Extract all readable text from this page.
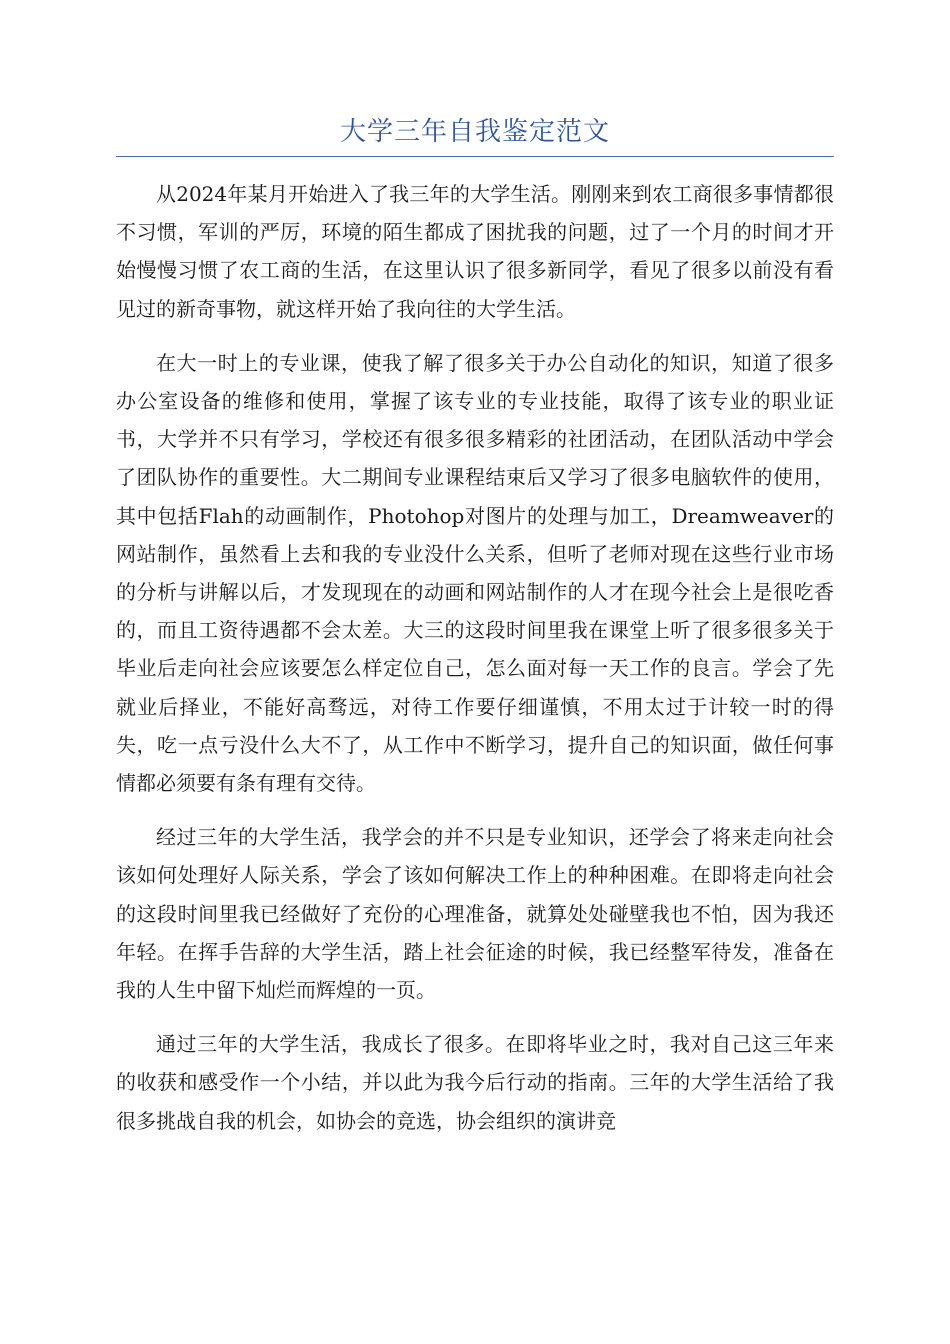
大学三年自我鉴定范文

从2024年某月开始进入了我三年的大学生活。刚刚来到农工商很多事情都很不习惯，军训的严厉，环境的陌生都成了困扰我的问题，过了一个月的时间才开始慢慢习惯了农工商的生活，在这里认识了很多新同学，看见了很多以前没有看见过的新奇事物，就这样开始了我向往的大学生活。

在大一时上的专业课，使我了解了很多关于办公自动化的知识，知道了很多办公室设备的维修和使用，掌握了该专业的专业技能，取得了该专业的职业证书，大学并不只有学习，学校还有很多很多精彩的社团活动，在团队活动中学会了团队协作的重要性。大二期间专业课程结束后又学习了很多电脑软件的使用，其中包括Flah的动画制作，Photohop对图片的处理与加工，Dreamweaver的网站制作，虽然看上去和我的专业没什么关系，但听了老师对现在这些行业市场的分析与讲解以后，才发现现在的动画和网站制作的人才在现今社会上是很吃香的，而且工资待遇都不会太差。大三的这段时间里我在课堂上听了很多很多关于毕业后走向社会应该要怎么样定位自己，怎么面对每一天工作的良言。学会了先就业后择业，不能好高骛远，对待工作要仔细谨慎，不用太过于计较一时的得失，吃一点亏没什么大不了，从工作中不断学习，提升自己的知识面，做任何事情都必须要有条有理有交待。

经过三年的大学生活，我学会的并不只是专业知识，还学会了将来走向社会该如何处理好人际关系，学会了该如何解决工作上的种种困难。在即将走向社会的这段时间里我已经做好了充份的心理准备，就算处处碰壁我也不怕，因为我还年轻。在挥手告辞的大学生活，踏上社会征途的时候，我已经整军待发，准备在我的人生中留下灿烂而辉煌的一页。

通过三年的大学生活，我成长了很多。在即将毕业之时，我对自己这三年来的收获和感受作一个小结，并以此为我今后行动的指南。三年的大学生活给了我很多挑战自我的机会，如协会的竞选，协会组织的演讲竞
